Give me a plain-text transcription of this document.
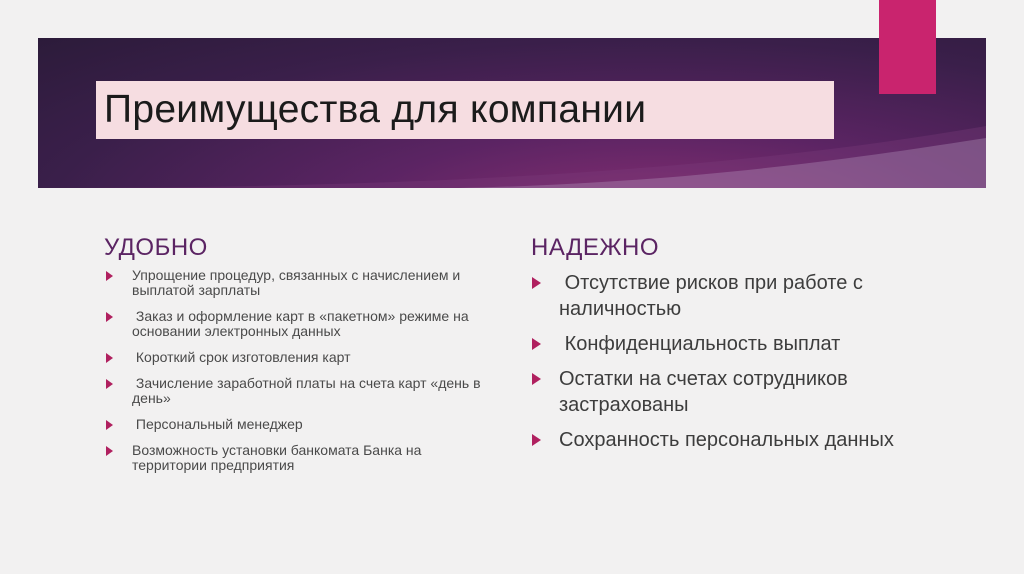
Преимущества для компании
УДОБНО
Упрощение процедур, связанных с начислением и выплатой зарплаты
Заказ и оформление карт в «пакетном» режиме на основании электронных данных
Короткий срок изготовления карт
Зачисление заработной платы на счета карт «день в день»
Персональный менеджер
Возможность установки банкомата Банка на территории предприятия
НАДЕЖНО
Отсутствие рисков при работе с наличностью
Конфиденциальность выплат
Остатки на счетах сотрудников застрахованы
Сохранность персональных данных
